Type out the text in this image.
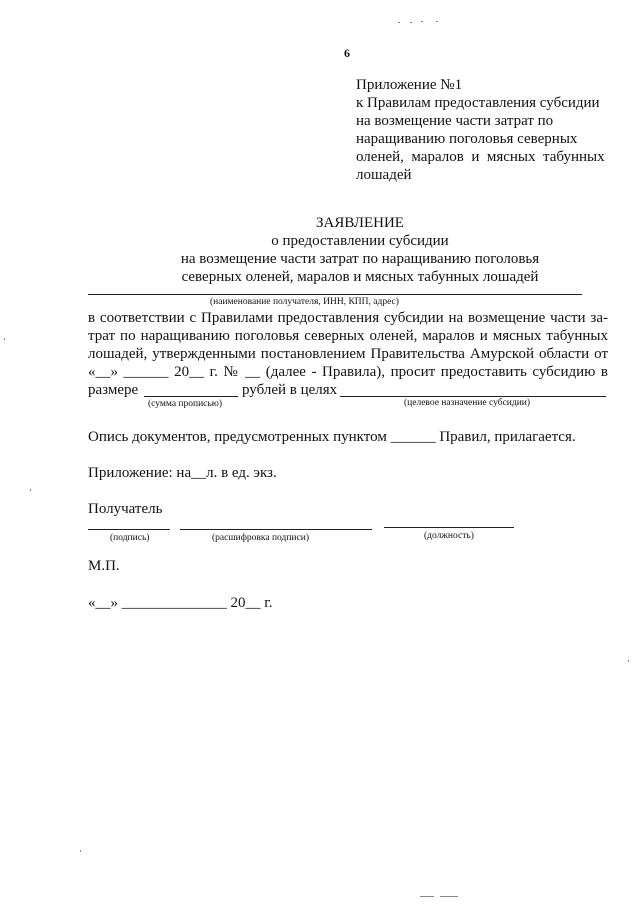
6
Приложение №1
к Правилам предоставления субсидии
на возмещение части затрат по
наращиванию поголовья северных
оленей,  маралов  и  мясных  табунных
лошадей
ЗАЯВЛЕНИЕ
о предоставлении субсидии
на возмещение части затрат по наращиванию поголовья
северных оленей, маралов и мясных табунных лошадей
(наименование получателя, ИНН, КПП, адрес)
в соответствии с Правилами предоставления субсидии на возмещение части за-
трат по наращиванию поголовья северных оленей, маралов и мясных табунных
лошадей, утвержденными постановлением Правительства Амурской области от
«__» ______ 20__ г. № __ (далее - Правила), просит предоставить субсидию в
размере	рублей в целях
(сумма прописью)	(целевое назначение субсидии)
Опись документов, предусмотренных пунктом ______ Правил, прилагается.
Приложение: на__л. в ед. экз.
Получатель
(подпись)	(расшифровка подписи)	(должность)
М.П.
«__» ______________ 20__ г.
